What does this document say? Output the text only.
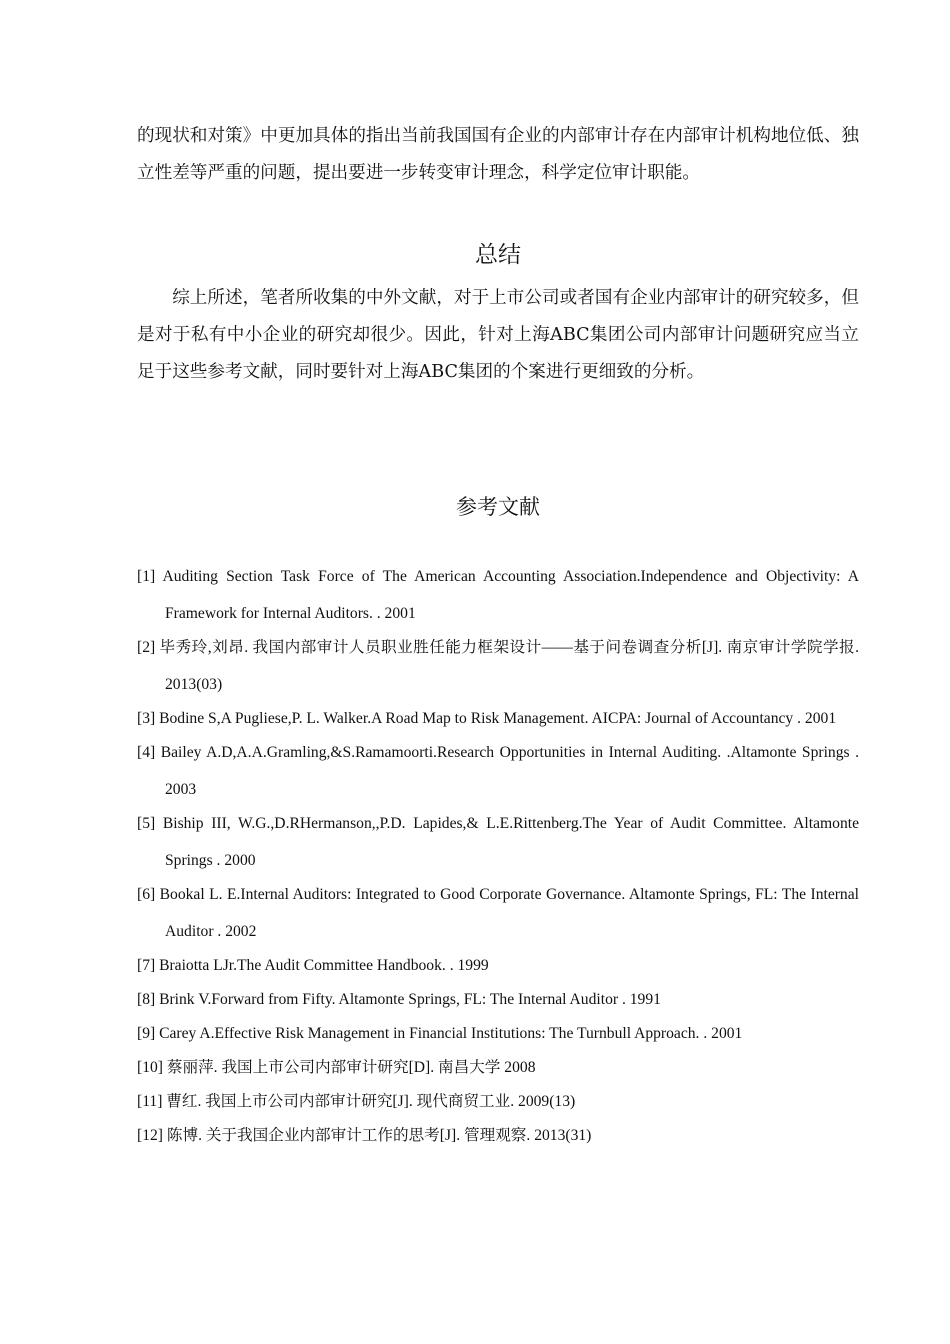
的现状和对策》中更加具体的指出当前我国国有企业的内部审计存在内部审计机构地位低、独立性差等严重的问题，提出要进一步转变审计理念，科学定位审计职能。

总结

综上所述，笔者所收集的中外文献，对于上市公司或者国有企业内部审计的研究较多，但是对于私有中小企业的研究却很少。因此，针对上海ABC集团公司内部审计问题研究应当立足于这些参考文献，同时要针对上海ABC集团的个案进行更细致的分析。

参考文献
[1] Auditing Section Task Force of The American Accounting Association.Independence and Objectivity: A Framework for Internal Auditors. . 2001
[2] 毕秀玲,刘昂. 我国内部审计人员职业胜任能力框架设计——基于问卷调查分析[J]. 南京审计学院学报. 2013(03)
[3] Bodine S,A Pugliese,P. L. Walker.A Road Map to Risk Management. AICPA: Journal of Accountancy . 2001
[4] Bailey A.D,A.A.Gramling,&S.Ramamoorti.Research Opportunities in Internal Auditing. .Altamonte Springs . 2003
[5] Biship III, W.G.,D.RHermanson,,P.D. Lapides,& L.E.Rittenberg.The Year of Audit Committee. Altamonte Springs . 2000
[6] Bookal L. E.Internal Auditors: Integrated to Good Corporate Governance. Altamonte Springs, FL: The Internal Auditor . 2002
[7] Braiotta LJr.The Audit Committee Handbook. . 1999
[8] Brink V.Forward from Fifty. Altamonte Springs, FL: The Internal Auditor . 1991
[9] Carey A.Effective Risk Management in Financial Institutions: The Turnbull Approach. . 2001
[10] 蔡丽萍. 我国上市公司内部审计研究[D]. 南昌大学 2008
[11] 曹红. 我国上市公司内部审计研究[J]. 现代商贸工业. 2009(13)
[12] 陈博. 关于我国企业内部审计工作的思考[J]. 管理观察. 2013(31)
